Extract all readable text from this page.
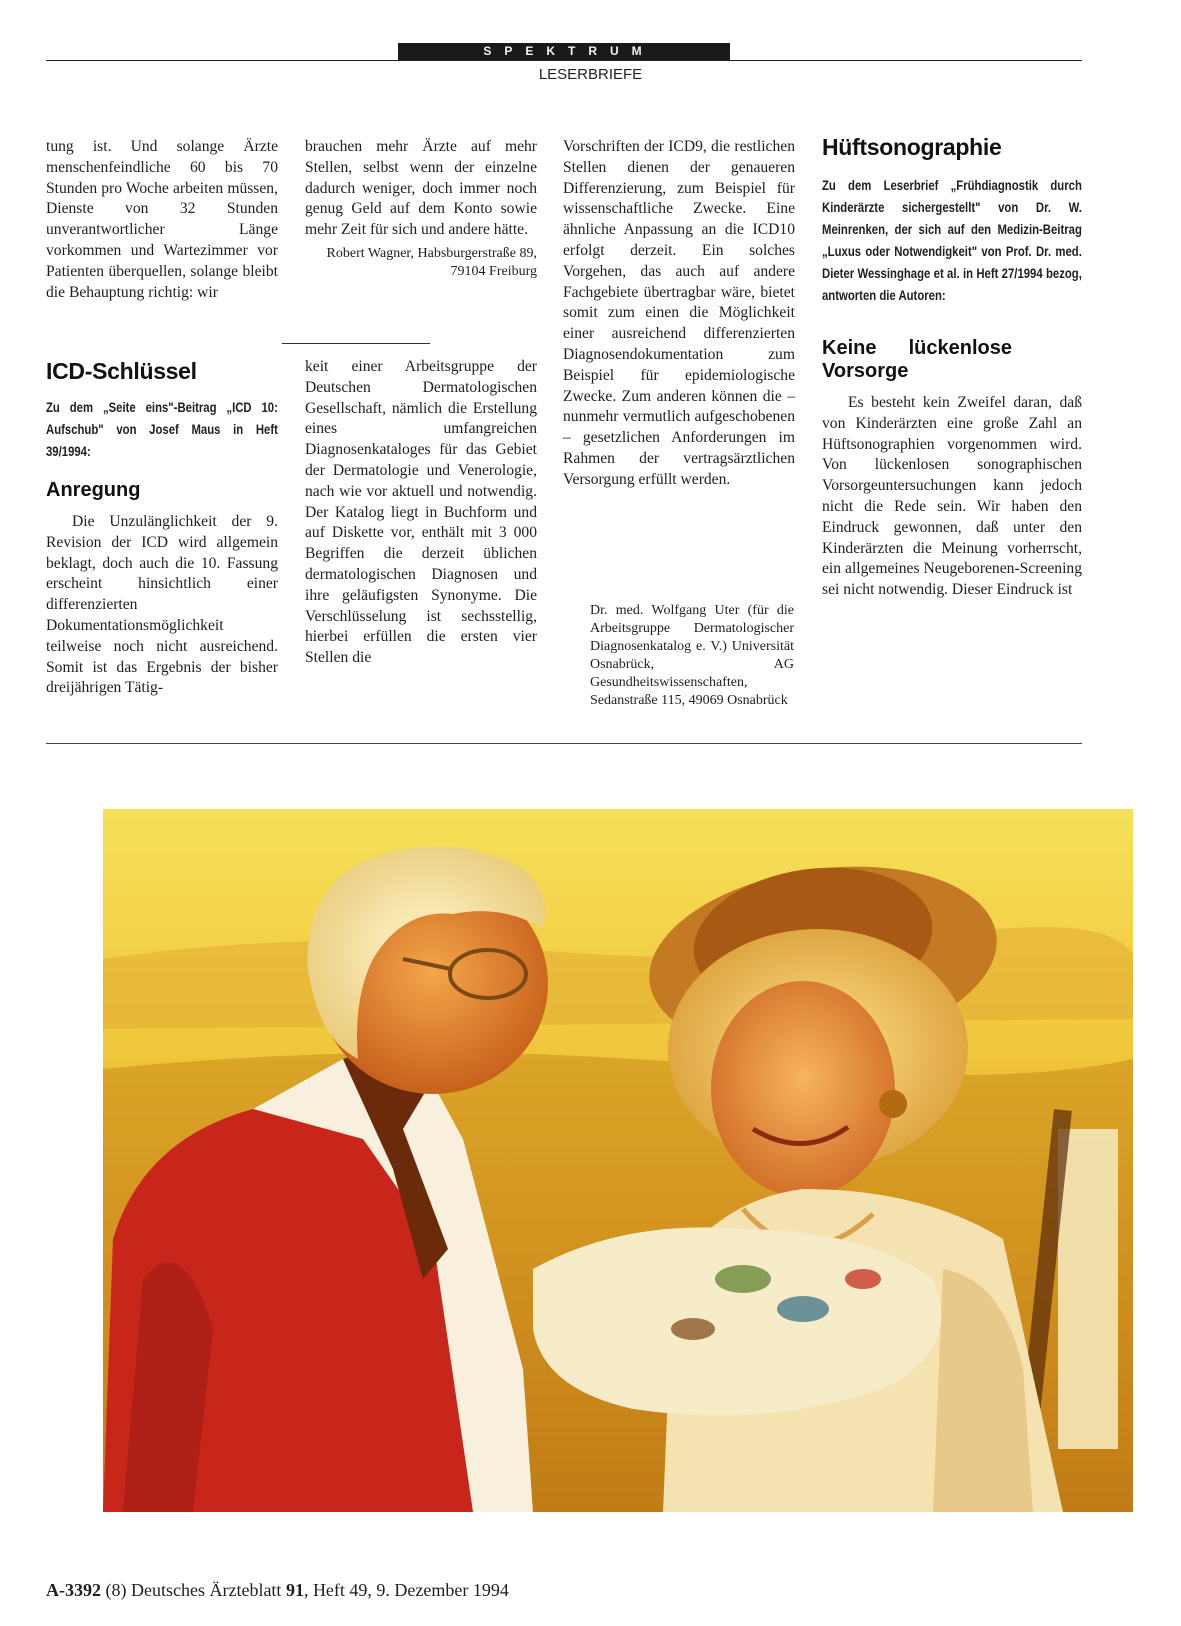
SPEKTRUM
LESERBRIEFE

tung ist. Und solange Ärzte menschenfeindliche 60 bis 70 Stunden pro Woche arbeiten müssen, Dienste von 32 Stunden unverantwortlicher Länge vorkommen und Wartezimmer vor Patienten überquellen, solange bleibt die Behauptung richtig: wir

ICD-Schlüssel
Zu dem „Seite eins"-Beitrag „ICD 10: Aufschub" von Josef Maus in Heft 39/1994:
Anregung

Die Unzulänglichkeit der 9. Revision der ICD wird allgemein beklagt, doch auch die 10. Fassung erscheint hinsichtlich einer differenzierten Dokumentationsmöglichkeit teilweise noch nicht ausreichend. Somit ist das Ergebnis der bisher dreijährigen Tätig-

brauchen mehr Ärzte auf mehr Stellen, selbst wenn der einzelne dadurch weniger, doch immer noch genug Geld auf dem Konto sowie mehr Zeit für sich und andere hätte.

Robert Wagner, Habsburgerstraße 89, 79104 Freiburg

keit einer Arbeitsgruppe der Deutschen Dermatologischen Gesellschaft, nämlich die Erstellung eines umfangreichen Diagnosenkataloges für das Gebiet der Dermatologie und Venerologie, nach wie vor aktuell und notwendig. Der Katalog liegt in Buchform und auf Diskette vor, enthält mit 3 000 Begriffen die derzeit üblichen dermatologischen Diagnosen und ihre geläufigsten Synonyme. Die Verschlüsselung ist sechsstellig, hierbei erfüllen die ersten vier Stellen die

Vorschriften der ICD9, die restlichen Stellen dienen der genaueren Differenzierung, zum Beispiel für wissenschaftliche Zwecke. Eine ähnliche Anpassung an die ICD10 erfolgt derzeit. Ein solches Vorgehen, das auch auf andere Fachgebiete übertragbar wäre, bietet somit zum einen die Möglichkeit einer ausreichend differenzierten Diagnosendokumentation zum Beispiel für epidemiologische Zwecke. Zum anderen können die – nunmehr vermutlich aufgeschobenen – gesetzlichen Anforderungen im Rahmen der vertragsärztlichen Versorgung erfüllt werden.

Dr. med. Wolfgang Uter (für die Arbeitsgruppe Dermatologischer Diagnosenkatalog e. V.) Universität Osnabrück, AG Gesundheitswissenschaften, Sedanstraße 115, 49069 Osnabrück

Hüftsonographie
Zu dem Leserbrief „Frühdiagnostik durch Kinderärzte sichergestellt" von Dr. W. Meinrenken, der sich auf den Medizin-Beitrag „Luxus oder Notwendigkeit" von Prof. Dr. med. Dieter Wessinghage et al. in Heft 27/1994 bezog, antworten die Autoren:
Keine lückenlose Vorsorge

Es besteht kein Zweifel daran, daß von Kinderärzten eine große Zahl an Hüftsonographien vorgenommen wird. Von lückenlosen sonographischen Vorsorgeuntersuchungen kann jedoch nicht die Rede sein. Wir haben den Eindruck gewonnen, daß unter den Kinderärzten die Meinung vorherrscht, ein allgemeines Neugeborenen-Screening sei nicht notwendig. Dieser Eindruck ist

A-3392 (8) Deutsches Ärzteblatt 91, Heft 49, 9. Dezember 1994
